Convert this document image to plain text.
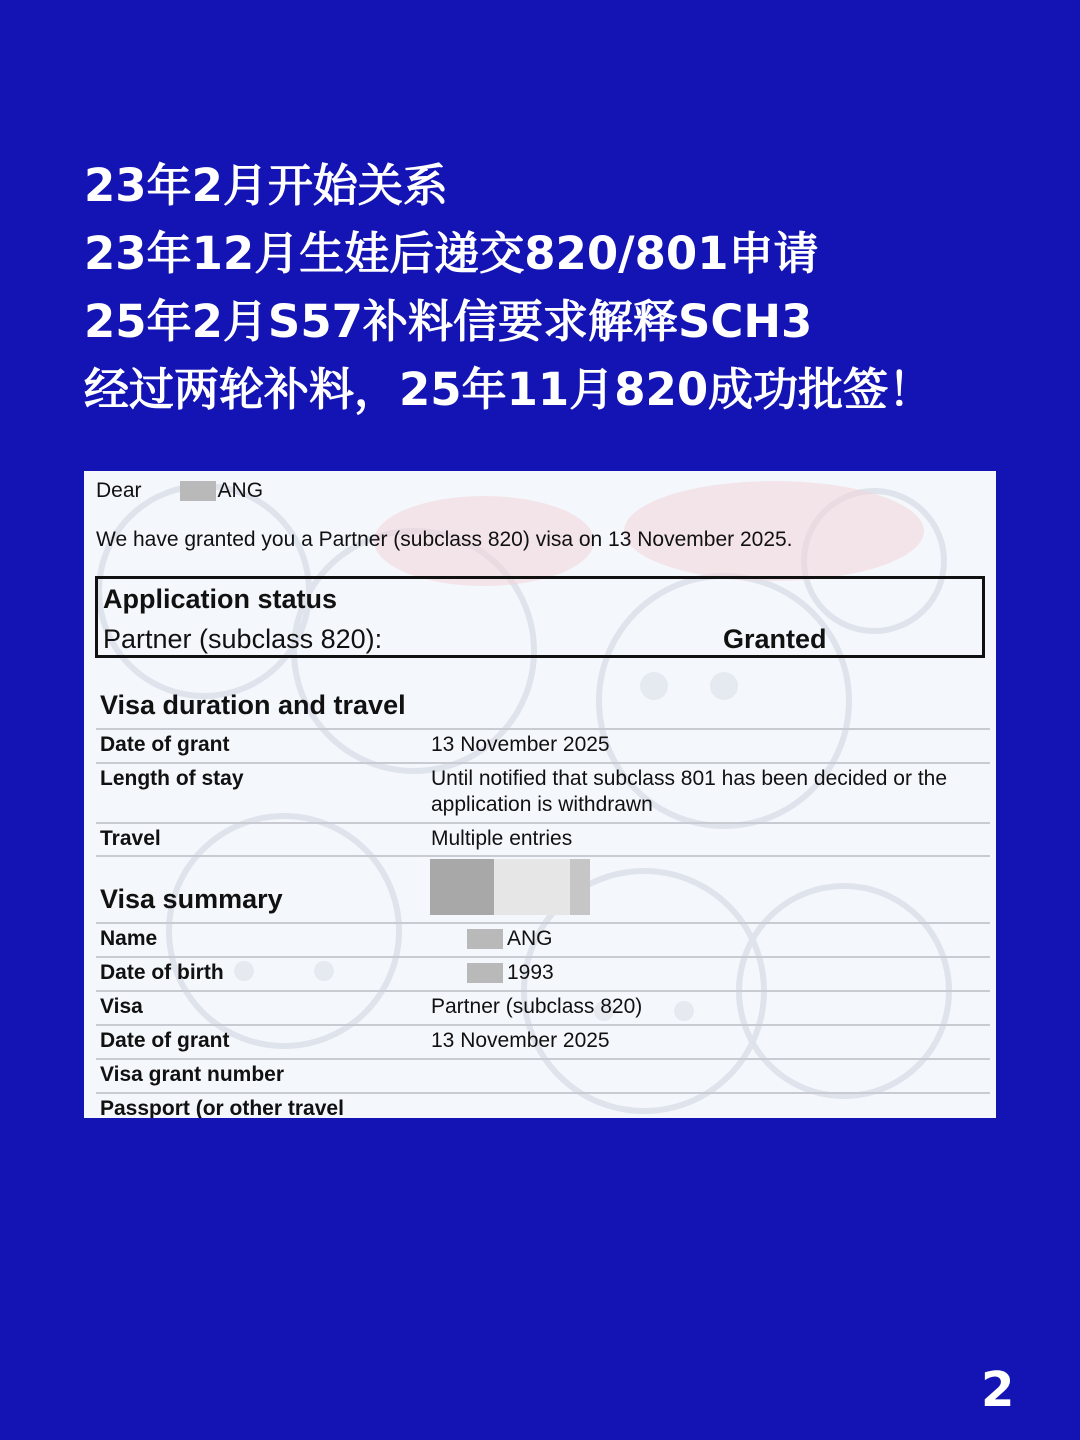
23年2月开始关系
23年12月生娃后递交820/801申请
25年2月S57补料信要求解释SCH3
经过两轮补料，25年11月820成功批签！
Dear	ANG
We have granted you a Partner (subclass 820) visa on 13 November 2025.
Application status
Partner (subclass 820):	Granted
Visa duration and travel
Date of grant	13 November 2025
Length of stay	Until notified that subclass 801 has been decided or the application is withdrawn
Travel	Multiple entries
Visa summary
Name	ANG
Date of birth	1993
Visa	Partner (subclass 820)
Date of grant	13 November 2025
Visa grant number
Passport (or other travel
2
